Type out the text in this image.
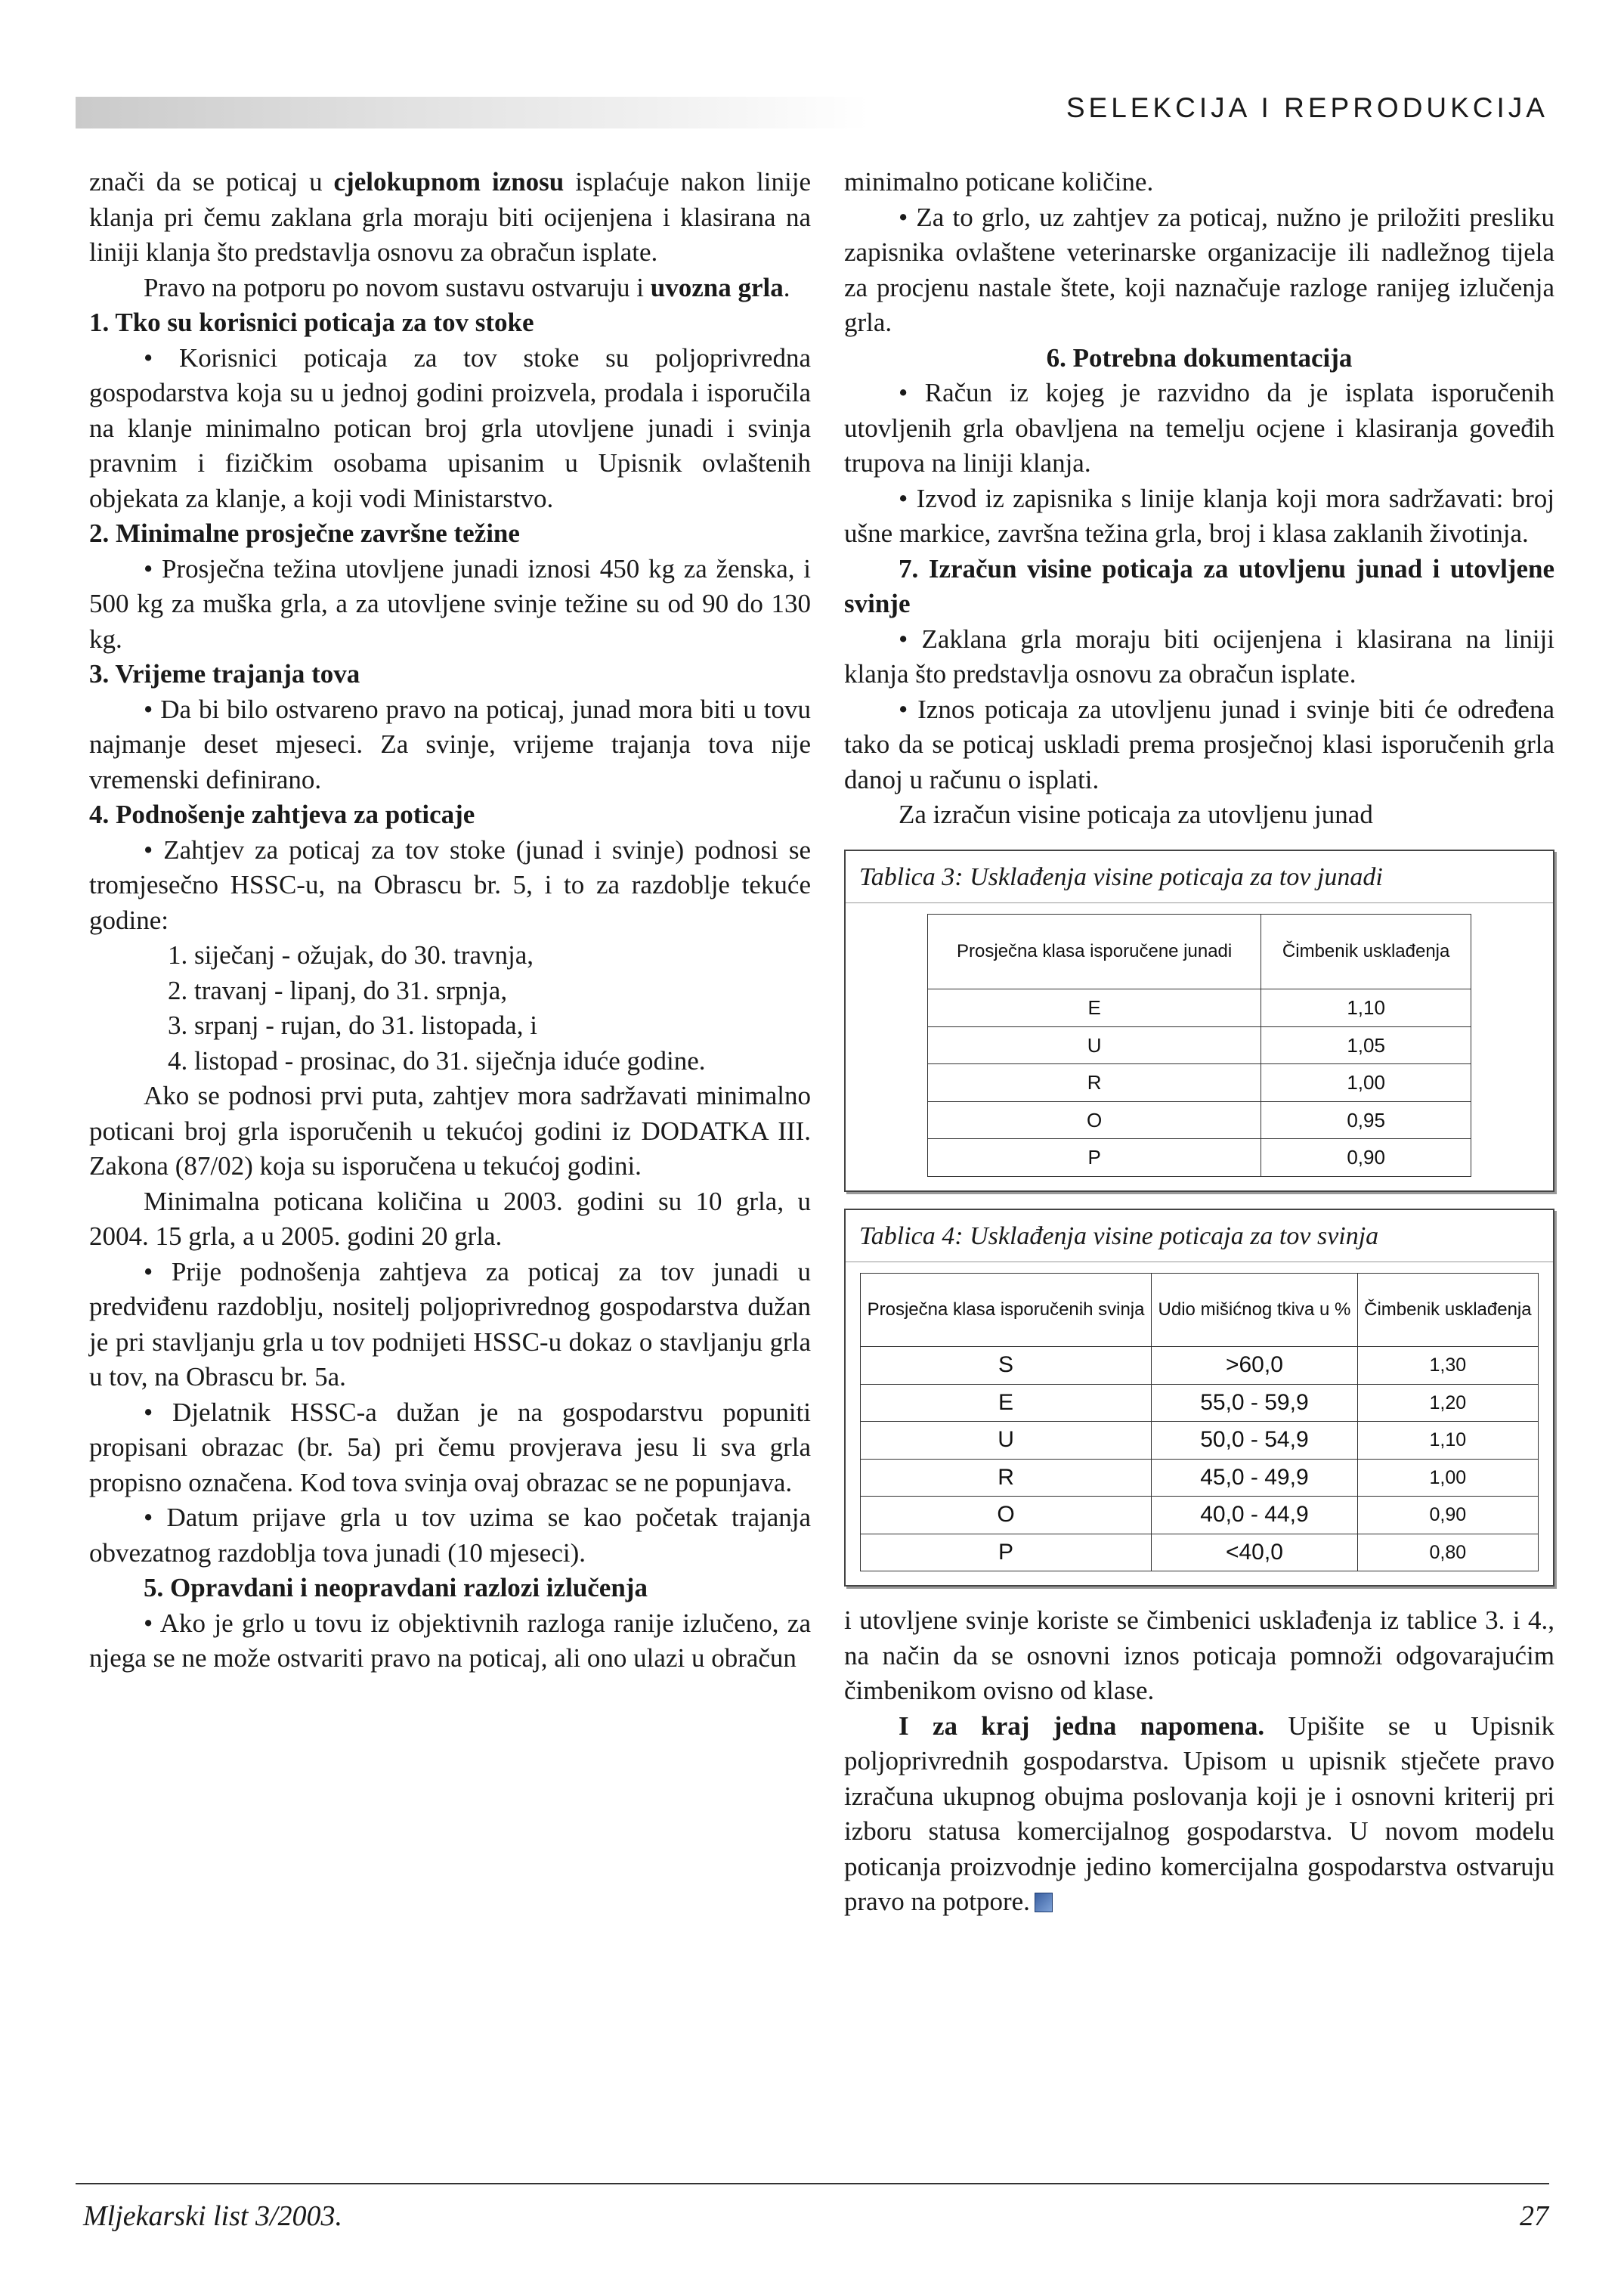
SELEKCIJA I REPRODUKCIJA

znači da se poticaj u cjelokupnom iznosu isplaćuje nakon linije klanja pri čemu zaklana grla moraju biti ocijenjena i klasirana na liniji klanja što predstavlja osnovu za obračun isplate.

Pravo na potporu po novom sustavu ostvaruju i uvozna grla.

1. Tko su korisnici poticaja za tov stoke

• Korisnici poticaja za tov stoke su poljoprivredna gospodarstva koja su u jednoj godini proizvela, prodala i isporučila na klanje minimalno potican broj grla utovljene junadi i svinja pravnim i fizičkim osobama upisanim u Upisnik ovlaštenih objekata za klanje, a koji vodi Ministarstvo.

2. Minimalne prosječne završne težine

• Prosječna težina utovljene junadi iznosi 450 kg za ženska, i 500 kg za muška grla, a za utovljene svinje težine su od 90 do 130 kg.

3. Vrijeme trajanja tova

• Da bi bilo ostvareno pravo na poticaj, junad mora biti u tovu najmanje deset mjeseci. Za svinje, vrijeme trajanja tova nije vremenski definirano.

4. Podnošenje zahtjeva za poticaje

• Zahtjev za poticaj za tov stoke (junad i svinje) podnosi se tromjesečno HSSC-u, na Obrascu br. 5, i to za razdoblje tekuće godine:

1. siječanj - ožujak, do 30. travnja,
2. travanj - lipanj, do 31. srpnja,
3. srpanj - rujan, do 31. listopada, i
4. listopad - prosinac, do 31. siječnja iduće godine.

Ako se podnosi prvi puta, zahtjev mora sadržavati minimalno poticani broj grla isporučenih u tekućoj godini iz DODATKA III. Zakona (87/02) koja su isporučena u tekućoj godini.

Minimalna poticana količina u 2003. godini su 10 grla, u 2004. 15 grla, a u 2005. godini 20 grla.

• Prije podnošenja zahtjeva za poticaj za tov junadi u predviđenu razdoblju, nositelj poljoprivrednog gospodarstva dužan je pri stavljanju grla u tov podnijeti HSSC-u dokaz o stavljanju grla u tov, na Obrascu br. 5a.

• Djelatnik HSSC-a dužan je na gospodarstvu popuniti propisani obrazac (br. 5a) pri čemu provjerava jesu li sva grla propisno označena. Kod tova svinja ovaj obrazac se ne popunjava.

• Datum prijave grla u tov uzima se kao početak trajanja obvezatnog razdoblja tova junadi (10 mjeseci).

5. Opravdani i neopravdani razlozi izlučenja

• Ako je grlo u tovu iz objektivnih razloga ranije izlučeno, za njega se ne može ostvariti pravo na poticaj, ali ono ulazi u obračun

minimalno poticane količine.

• Za to grlo, uz zahtjev za poticaj, nužno je priložiti presliku zapisnika ovlaštene veterinarske organizacije ili nadležnog tijela za procjenu nastale štete, koji naznačuje razloge ranijeg izlučenja grla.

6. Potrebna dokumentacija

• Račun iz kojeg je razvidno da je isplata isporučenih utovljenih grla obavljena na temelju ocjene i klasiranja goveđih trupova na liniji klanja.

• Izvod iz zapisnika s linije klanja koji mora sadržavati: broj ušne markice, završna težina grla, broj i klasa zaklanih životinja.

7. Izračun visine poticaja za utovljenu junad i utovljene svinje

• Zaklana grla moraju biti ocijenjena i klasirana na liniji klanja što predstavlja osnovu za obračun isplate.

• Iznos poticaja za utovljenu junad i svinje biti će određena tako da se poticaj uskladi prema prosječnoj klasi isporučenih grla danoj u računu o isplati.

Za izračun visine poticaja za utovljenu junad

Tablica 3: Usklađenja visine poticaja za tov junadi
Prosječna klasa isporučene junadi	Čimbenik usklađenja
E	1,10
U	1,05
R	1,00
O	0,95
P	0,90
Tablica 4: Usklađenja visine poticaja za tov svinja
Prosječna klasa isporučenih svinja	Udio mišićnog tkiva u %	Čimbenik usklađenja
S	>60,0	1,30
E	55,0 - 59,9	1,20
U	50,0 - 54,9	1,10
R	45,0 - 49,9	1,00
O	40,0 - 44,9	0,90
P	<40,0	0,80

i utovljene svinje koriste se čimbenici usklađenja iz tablice 3. i 4., na način da se osnovni iznos poticaja pomnoži odgovarajućim čimbenikom ovisno od klase.

I za kraj jedna napomena. Upišite se u Upisnik poljoprivrednih gospodarstva. Upisom u upisnik stječete pravo izračuna ukupnog obujma poslovanja koji je i osnovni kriterij pri izboru statusa komercijalnog gospodarstva. U novom modelu poticanja proizvodnje jedino komercijalna gospodarstva ostvaruju pravo na potpore.

Mljekarski list 3/2003.	27
